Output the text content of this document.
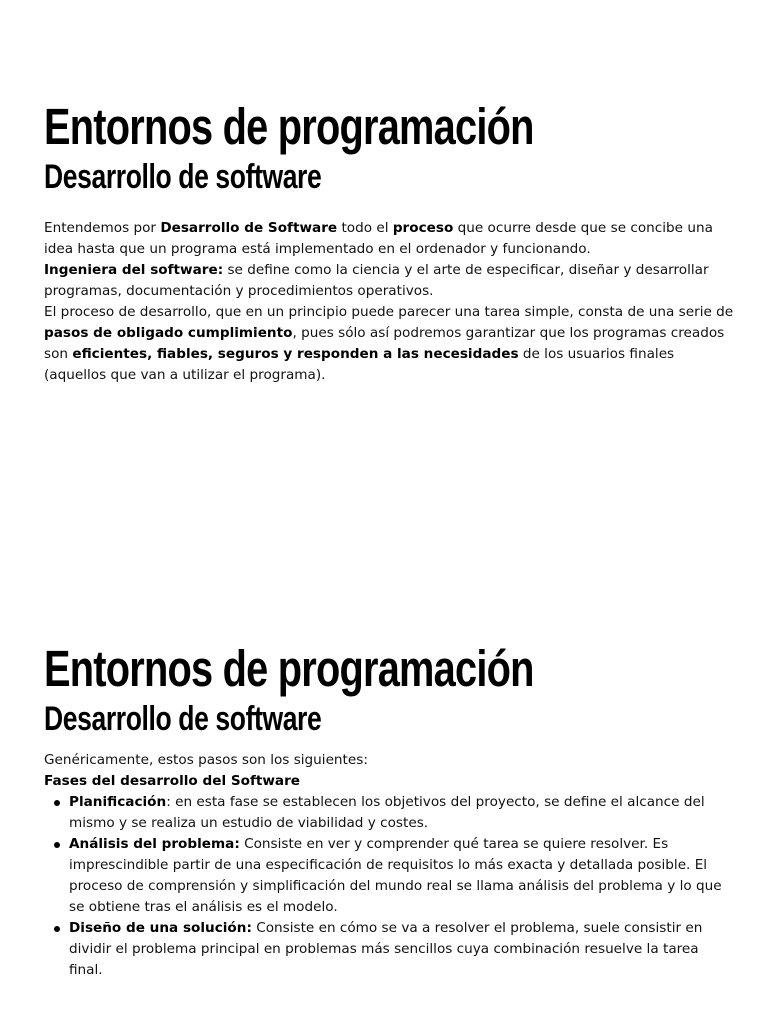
Entornos de programación
Desarrollo de software

Entendemos por Desarrollo de Software todo el proceso que ocurre desde que se concibe una idea hasta que un programa está implementado en el ordenador y funcionando.

Ingeniera del software: se define como la ciencia y el arte de especificar, diseñar y desarrollar programas, documentación y procedimientos operativos.

El proceso de desarrollo, que en un principio puede parecer una tarea simple, consta de una serie de pasos de obligado cumplimiento, pues sólo así podremos garantizar que los programas creados son eficientes, fiables, seguros y responden a las necesidades de los usuarios finales (aquellos que van a utilizar el programa).

Entornos de programación
Desarrollo de software

Genéricamente, estos pasos son los siguientes:

Fases del desarrollo del Software

Planificación: en esta fase se establecen los objetivos del proyecto, se define el alcance del mismo y se realiza un estudio de viabilidad y costes.
Análisis del problema: Consiste en ver y comprender qué tarea se quiere resolver. Es imprescindible partir de una especificación de requisitos lo más exacta y detallada posible. El proceso de comprensión y simplificación del mundo real se llama análisis del problema y lo que se obtiene tras el análisis es el modelo.
Diseño de una solución: Consiste en cómo se va a resolver el problema, suele consistir en dividir el problema principal en problemas más sencillos cuya combinación resuelve la tarea final.
